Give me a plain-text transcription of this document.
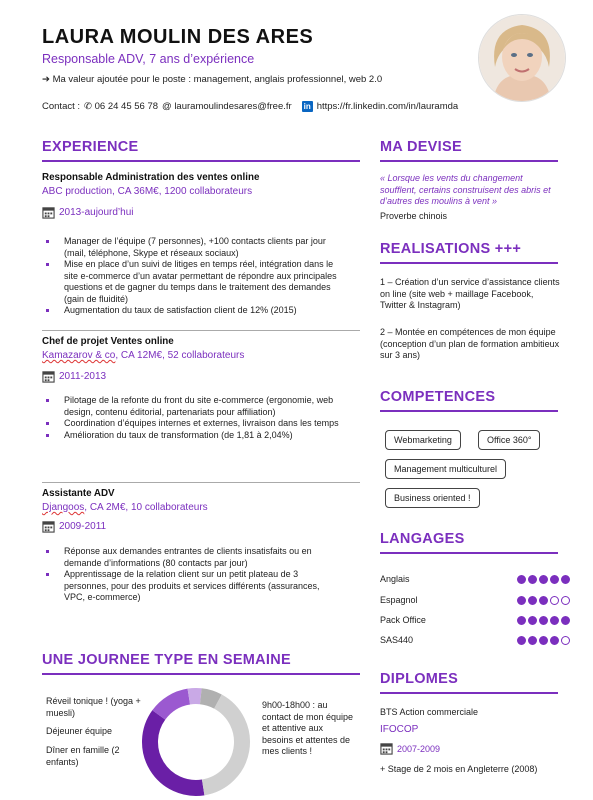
LAURA MOULIN DES ARES
Responsable ADV, 7 ans d’expérience
➔ Ma valeur ajoutée pour le poste : management, anglais professionnel, web 2.0
Contact : ✆ 06 24 45 56 78 @ lauramoulindesares@free.fr in https://fr.linkedin.com/in/lauramda
EXPERIENCE
Responsable Administration des ventes online
ABC production, CA 36M€, 1200 collaborateurs
2013-aujourd’hui
Manager de l’équipe (7 personnes), +100 contacts clients par jour (mail, téléphone, Skype et réseaux sociaux)
Mise en place d’un suivi de litiges en temps réel, intégration dans le site e-commerce d’un avatar permettant de répondre aux principales questions et de gagner du temps dans le traitement des demandes (gain de fluidité)
Augmentation du taux de satisfaction client de 12% (2015)
Chef de projet Ventes online
Kamazarov & co, CA 12M€, 52 collaborateurs
2011-2013
Pilotage de la refonte du front du site e-commerce (ergonomie, web design, contenu éditorial, partenariats pour affiliation)
Coordination d’équipes internes et externes, livraison dans les temps
Amélioration du taux de transformation (de 1,81 à 2,04%)
Assistante ADV
Djangoos, CA 2M€, 10 collaborateurs
2009-2011
Réponse aux demandes entrantes de clients insatisfaits ou en demande d’informations (80 contacts par jour)
Apprentissage de la relation client sur un petit plateau de 3 personnes, pour des produits et services différents (assurances, VPC, e-commerce)
UNE JOURNEE TYPE EN SEMAINE
Réveil tonique ! (yoga + muesli)
Déjeuner équipe
Dîner en famille (2 enfants)
9h00-18h00 : au contact de mon équipe et attentive aux besoins et attentes de mes clients !
MA DEVISE
« Lorsque les vents du changement soufflent, certains construisent des abris et d’autres des moulins à vent »
Proverbe chinois
REALISATIONS +++
1 – Création d’un service d’assistance clients on line (site web + maillage Facebook, Twitter & Instagram)
2 – Montée en compétences de mon équipe (conception d’un plan de formation ambitieux sur 3 ans)
COMPETENCES
Webmarketing	Office 360°
Management multiculturel
Business oriented !
LANGAGES
Anglais
Espagnol
Pack Office
SAS440
DIPLOMES
BTS Action commerciale
IFOCOP
2007-2009
+ Stage de 2 mois en Angleterre (2008)
